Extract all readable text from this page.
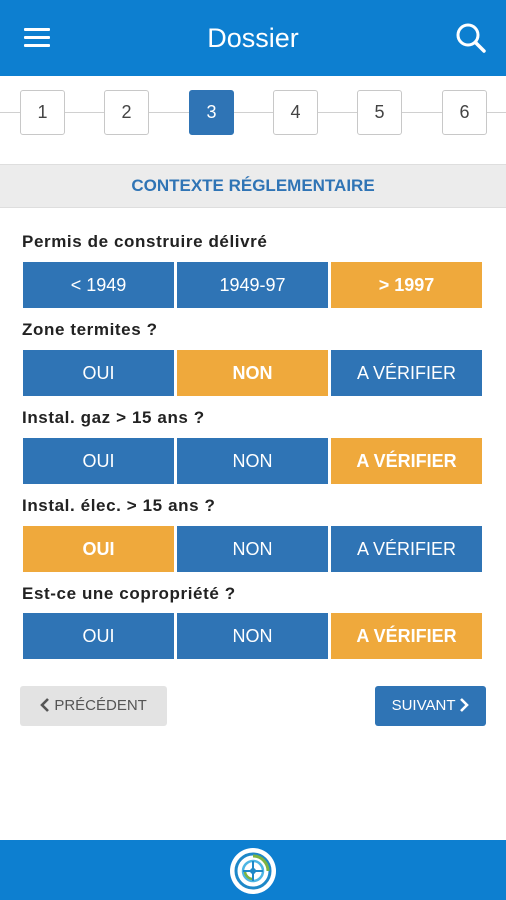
Dossier
1	2	3	4	5	6
CONTEXTE RÉGLEMENTAIRE
Permis de construire délivré
< 1949	1949-97	> 1997
Zone termites ?
OUI	NON	A VÉRIFIER
Instal. gaz > 15 ans ?
OUI	NON	A VÉRIFIER
Instal. élec. > 15 ans ?
OUI	NON	A VÉRIFIER
Est-ce une copropriété ?
OUI	NON	A VÉRIFIER
PRÉCÉDENT	SUIVANT
